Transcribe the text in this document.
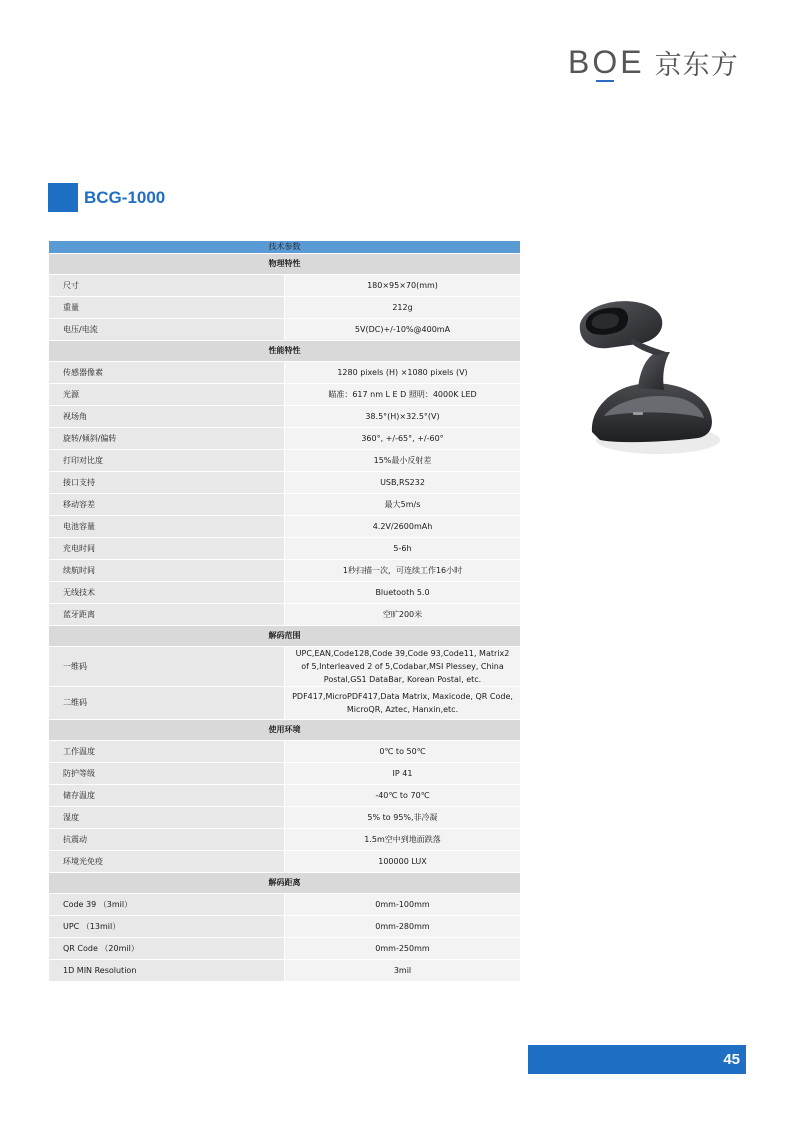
BOE 京东方
BCG-1000
技术参数	
物理特性	
尺寸	180×95×70(mm)
重量	212g
电压/电流	5V(DC)+/-10%@400mA
性能特性	
传感器像素	1280 pixels (H) ×1080 pixels (V)
光源	瞄准：617 nm L E D 照明：4000K LED
视场角	38.5°(H)×32.5°(V)
旋转/倾斜/偏转	360°, +/-65°, +/-60°
打印对比度	15%最小反射差
接口支持	USB,RS232
移动容差	最大5m/s
电池容量	4.2V/2600mAh
充电时间	5-6h
续航时间	1秒扫描一次，可连续工作16小时
无线技术	Bluetooth 5.0
蓝牙距离	空旷200米
解码范围	
一维码	UPC,EAN,Code128,Code 39,Code 93,Code11, Matrix2 of 5,Interleaved 2 of 5,Codabar,MSI Plessey, China Postal,GS1 DataBar, Korean Postal, etc.
二维码	PDF417,MicroPDF417,Data Matrix, Maxicode, QR Code, MicroQR, Aztec, Hanxin,etc.
使用环境	
工作温度	0℃ to 50℃
防护等级	IP 41
储存温度	-40℃ to 70℃
湿度	5% to 95%,非冷凝
抗震动	1.5m空中到地面跌落
环境光免疫	100000 LUX
解码距离	
Code 39 （3mil）	0mm-100mm
UPC （13mil）	0mm-280mm
QR Code （20mil）	0mm-250mm
1D MIN Resolution	3mil
45
